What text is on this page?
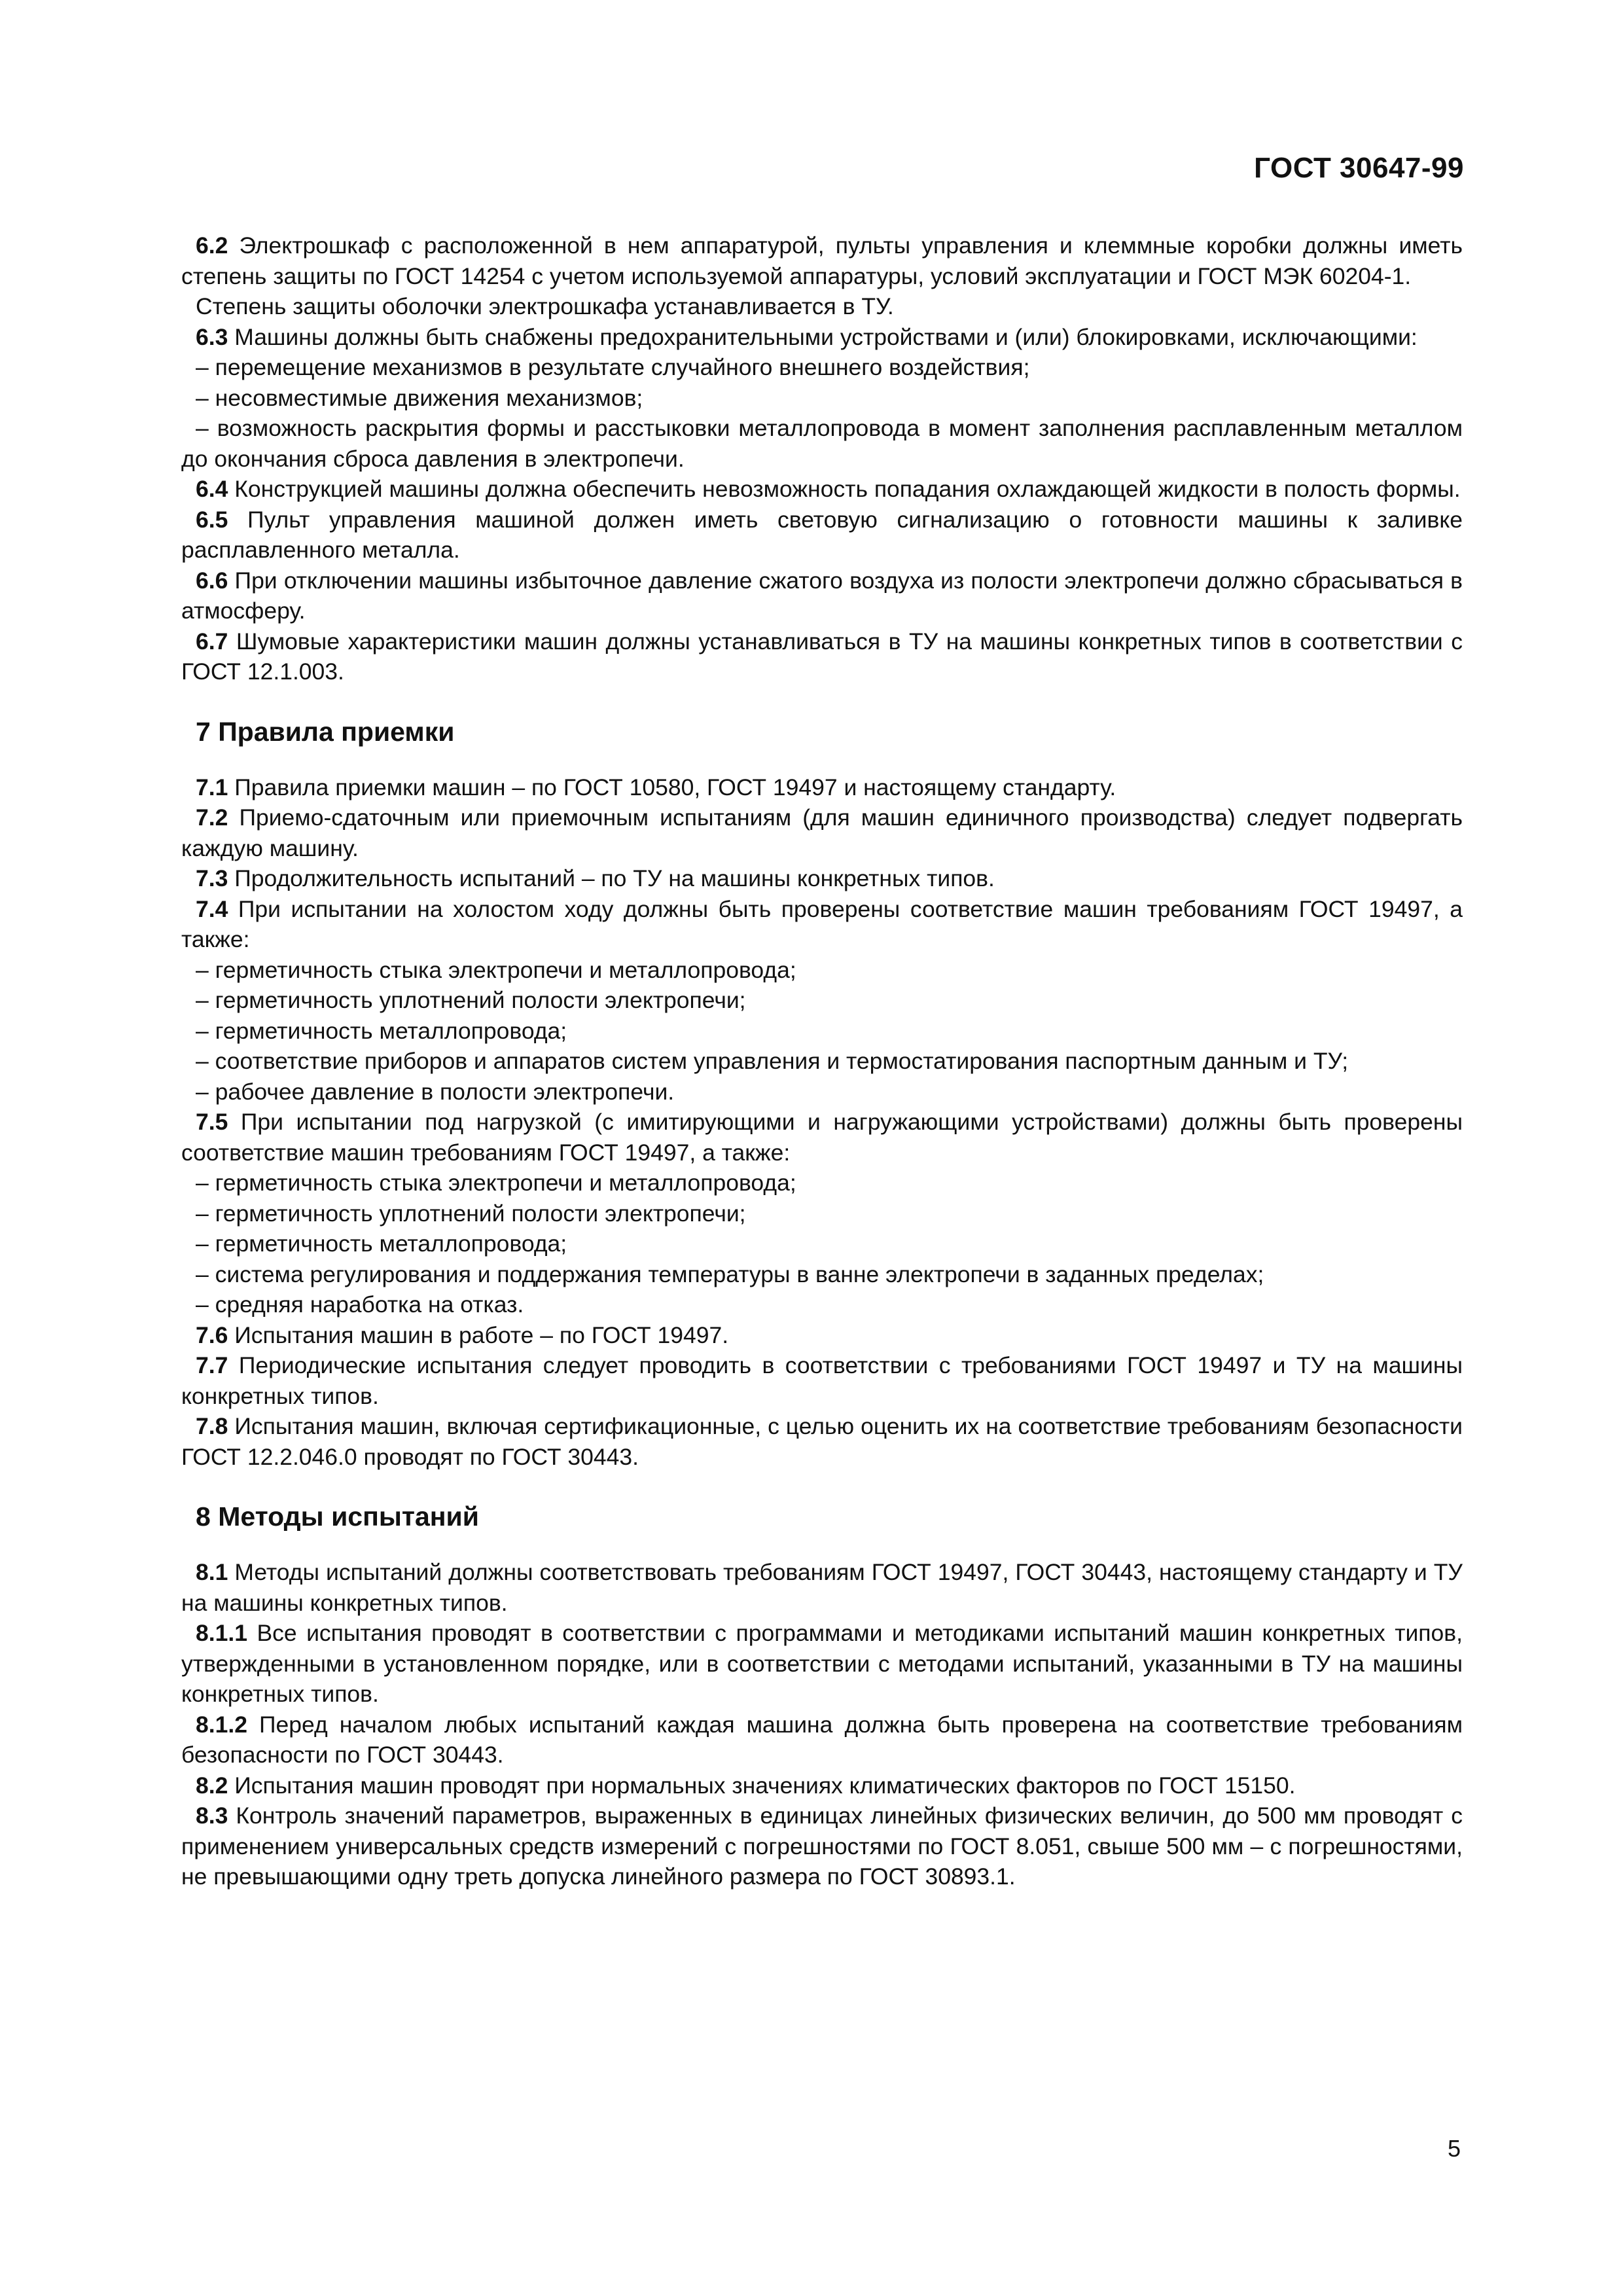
ГОСТ 30647-99

6.2 Электрошкаф с расположенной в нем аппаратурой, пульты управления и клеммные коробки должны иметь степень защиты по ГОСТ 14254 с учетом используемой аппаратуры, условий эксплуатации и ГОСТ МЭК 60204-1.

Степень защиты оболочки электрошкафа устанавливается в ТУ.

6.3 Машины должны быть снабжены предохранительными устройствами и (или) блокировками, исключающими:

– перемещение механизмов в результате случайного внешнего воздействия;

– несовместимые движения механизмов;

– возможность раскрытия формы и расстыковки металлопровода в момент заполнения расплавленным металлом до окончания сброса давления в электропечи.

6.4 Конструкцией машины должна обеспечить невозможность попадания охлаждающей жидкости в полость формы.

6.5 Пульт управления машиной должен иметь световую сигнализацию о готовности машины к заливке расплавленного металла.

6.6 При отключении машины избыточное давление сжатого воздуха из полости электропечи должно сбрасываться в атмосферу.

6.7 Шумовые характеристики машин должны устанавливаться в ТУ на машины конкретных типов в соответствии с ГОСТ 12.1.003.

7 Правила приемки

7.1 Правила приемки машин – по ГОСТ 10580, ГОСТ 19497 и настоящему стандарту.

7.2 Приемо-сдаточным или приемочным испытаниям (для машин единичного производства) следует подвергать каждую машину.

7.3 Продолжительность испытаний – по ТУ на машины конкретных типов.

7.4 При испытании на холостом ходу должны быть проверены соответствие машин требованиям ГОСТ 19497, а также:

– герметичность стыка электропечи и металлопровода;

– герметичность уплотнений полости электропечи;

– герметичность металлопровода;

– соответствие приборов и аппаратов систем управления и термостатирования паспортным данным и ТУ;

– рабочее давление в полости электропечи.

7.5 При испытании под нагрузкой (с имитирующими и нагружающими устройствами) должны быть проверены соответствие машин требованиям ГОСТ 19497, а также:

– герметичность стыка электропечи и металлопровода;

– герметичность уплотнений полости электропечи;

– герметичность металлопровода;

– система регулирования и поддержания температуры в ванне электропечи в заданных пределах;

– средняя наработка на отказ.

7.6 Испытания машин в работе – по ГОСТ 19497.

7.7 Периодические испытания следует проводить в соответствии с требованиями ГОСТ 19497 и ТУ на машины конкретных типов.

7.8 Испытания машин, включая сертификационные, с целью оценить их на соответствие требованиям безопасности ГОСТ 12.2.046.0 проводят по ГОСТ 30443.

8 Методы испытаний

8.1 Методы испытаний должны соответствовать требованиям ГОСТ 19497, ГОСТ 30443, настоящему стандарту и ТУ на машины конкретных типов.

8.1.1 Все испытания проводят в соответствии с программами и методиками испытаний машин конкретных типов, утвержденными в установленном порядке, или в соответствии с методами испытаний, указанными в ТУ на машины конкретных типов.

8.1.2 Перед началом любых испытаний каждая машина должна быть проверена на соответствие требованиям безопасности по ГОСТ 30443.

8.2 Испытания машин проводят при нормальных значениях климатических факторов по ГОСТ 15150.

8.3 Контроль значений параметров, выраженных в единицах линейных физических величин, до 500 мм проводят с применением универсальных средств измерений с погрешностями по ГОСТ 8.051, свыше 500 мм – с погрешностями, не превышающими одну треть допуска линейного размера по ГОСТ 30893.1.

5
